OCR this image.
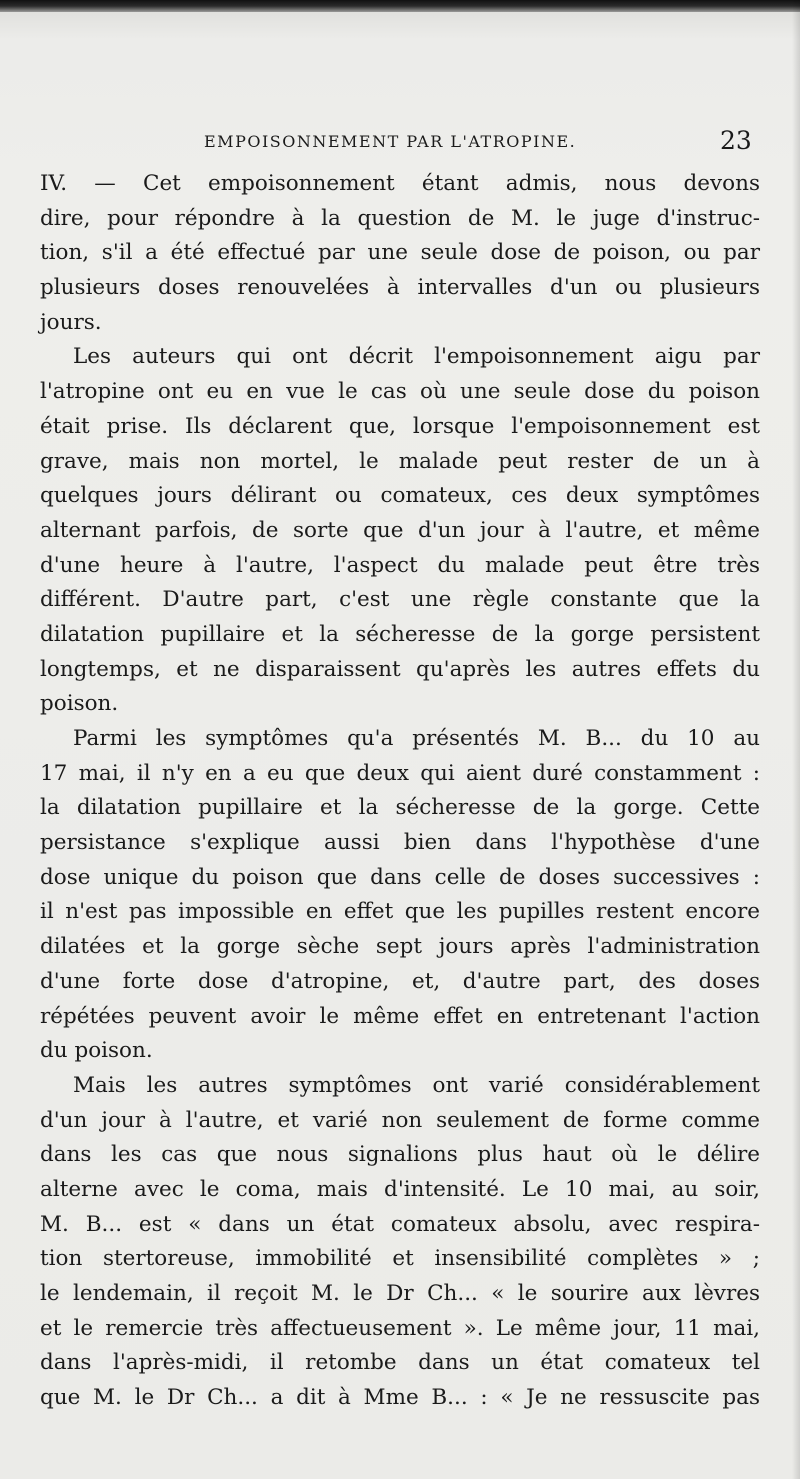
EMPOISONNEMENT PAR L'ATROPINE.	23
IV. — Cet empoisonnement étant admis, nous devons
dire, pour répondre à la question de M. le juge d'instruc-
tion, s'il a été effectué par une seule dose de poison, ou par
plusieurs doses renouvelées à intervalles d'un ou plusieurs
jours.
Les auteurs qui ont décrit l'empoisonnement aigu par
l'atropine ont eu en vue le cas où une seule dose du poison
était prise. Ils déclarent que, lorsque l'empoisonnement est
grave, mais non mortel, le malade peut rester de un à
quelques jours délirant ou comateux, ces deux symptômes
alternant parfois, de sorte que d'un jour à l'autre, et même
d'une heure à l'autre, l'aspect du malade peut être très
différent. D'autre part, c'est une règle constante que la
dilatation pupillaire et la sécheresse de la gorge persistent
longtemps, et ne disparaissent qu'après les autres effets du
poison.
Parmi les symptômes qu'a présentés M. B... du 10 au
17 mai, il n'y en a eu que deux qui aient duré constamment :
la dilatation pupillaire et la sécheresse de la gorge. Cette
persistance s'explique aussi bien dans l'hypothèse d'une
dose unique du poison que dans celle de doses successives :
il n'est pas impossible en effet que les pupilles restent encore
dilatées et la gorge sèche sept jours après l'administration
d'une forte dose d'atropine, et, d'autre part, des doses
répétées peuvent avoir le même effet en entretenant l'action
du poison.
Mais les autres symptômes ont varié considérablement
d'un jour à l'autre, et varié non seulement de forme comme
dans les cas que nous signalions plus haut où le délire
alterne avec le coma, mais d'intensité. Le 10 mai, au soir,
M. B... est « dans un état comateux absolu, avec respira-
tion stertoreuse, immobilité et insensibilité complètes » ;
le lendemain, il reçoit M. le Dr Ch... « le sourire aux lèvres
et le remercie très affectueusement ». Le même jour, 11 mai,
dans l'après-midi, il retombe dans un état comateux tel
que M. le Dr Ch... a dit à Mme B... : « Je ne ressuscite pas
